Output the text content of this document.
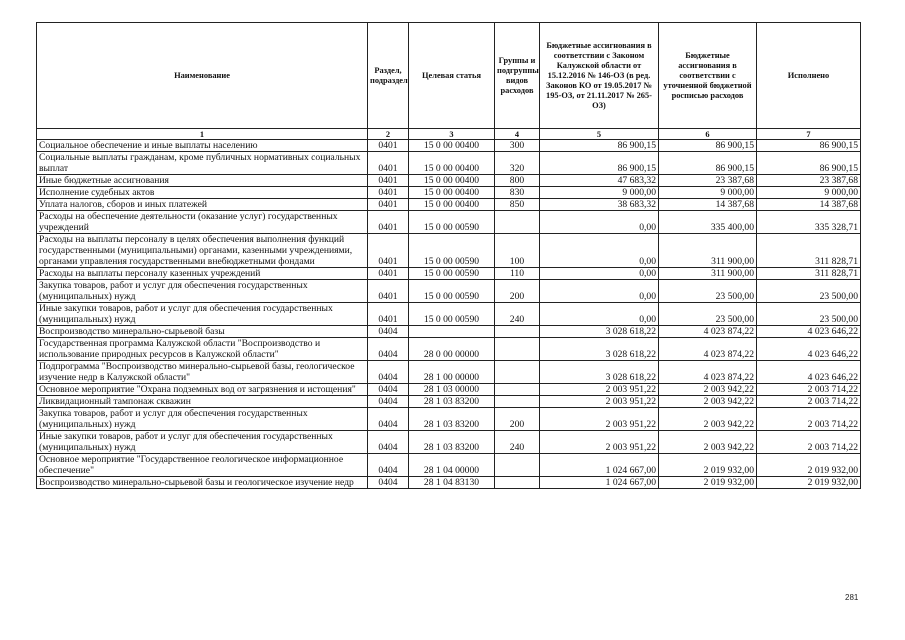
Наименование	Раздел, подраздел	Целевая статья	Группы и подгруппы видов расходов	Бюджетные ассигнования в соответствии с Законом Калужской области от 15.12.2016 № 146-ОЗ (в ред. Законов КО от 19.05.2017 № 195-ОЗ, от 21.11.2017 № 265-ОЗ)	Бюджетные ассигнования в соответствии с уточненной бюджетной росписью расходов	Исполнено
1	2	3	4	5	6	7
Социальное обеспечение и иные выплаты населению	0401	15 0 00 00400	300	86 900,15	86 900,15	86 900,15
Социальные выплаты гражданам, кроме публичных нормативных социальных выплат	0401	15 0 00 00400	320	86 900,15	86 900,15	86 900,15
Иные бюджетные ассигнования	0401	15 0 00 00400	800	47 683,32	23 387,68	23 387,68
Исполнение судебных актов	0401	15 0 00 00400	830	9 000,00	9 000,00	9 000,00
Уплата налогов, сборов и иных платежей	0401	15 0 00 00400	850	38 683,32	14 387,68	14 387,68
Расходы на обеспечение деятельности (оказание услуг) государственных учреждений	0401	15 0 00 00590		0,00	335 400,00	335 328,71
Расходы на выплаты персоналу в целях обеспечения выполнения функций государственными (муниципальными) органами, казенными учреждениями, органами управления государственными внебюджетными фондами	0401	15 0 00 00590	100	0,00	311 900,00	311 828,71
Расходы на выплаты персоналу казенных учреждений	0401	15 0 00 00590	110	0,00	311 900,00	311 828,71
Закупка товаров, работ и услуг для обеспечения государственных (муниципальных) нужд	0401	15 0 00 00590	200	0,00	23 500,00	23 500,00
Иные закупки товаров, работ и услуг для обеспечения государственных (муниципальных) нужд	0401	15 0 00 00590	240	0,00	23 500,00	23 500,00
Воспроизводство минерально-сырьевой базы	0404			3 028 618,22	4 023 874,22	4 023 646,22
Государственная программа Калужской области "Воспроизводство и использование природных ресурсов в Калужской области"	0404	28 0 00 00000		3 028 618,22	4 023 874,22	4 023 646,22
Подпрограмма "Воспроизводство минерально-сырьевой базы, геологическое изучение недр в Калужской области"	0404	28 1 00 00000		3 028 618,22	4 023 874,22	4 023 646,22
Основное мероприятие "Охрана подземных вод от загрязнения и истощения"	0404	28 1 03 00000		2 003 951,22	2 003 942,22	2 003 714,22
Ликвидационный тампонаж скважин	0404	28 1 03 83200		2 003 951,22	2 003 942,22	2 003 714,22
Закупка товаров, работ и услуг для обеспечения государственных (муниципальных) нужд	0404	28 1 03 83200	200	2 003 951,22	2 003 942,22	2 003 714,22
Иные закупки товаров, работ и услуг для обеспечения государственных (муниципальных) нужд	0404	28 1 03 83200	240	2 003 951,22	2 003 942,22	2 003 714,22
Основное мероприятие "Государственное геологическое информационное обеспечение"	0404	28 1 04 00000		1 024 667,00	2 019 932,00	2 019 932,00
Воспроизводство минерально-сырьевой базы и геологическое изучение недр	0404	28 1 04 83130		1 024 667,00	2 019 932,00	2 019 932,00
281
